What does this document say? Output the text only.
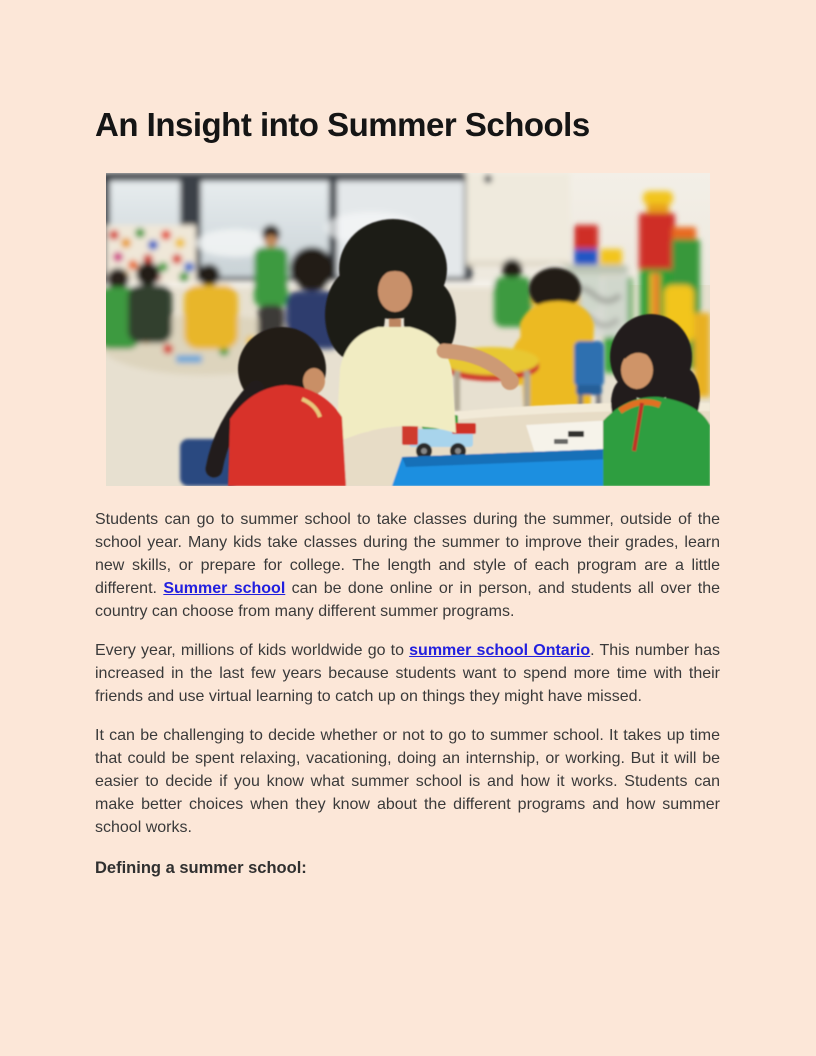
An Insight into Summer Schools

Students can go to summer school to take classes during the summer, outside of the school year. Many kids take classes during the summer to improve their grades, learn new skills, or prepare for college. The length and style of each program are a little different. Summer school can be done online or in person, and students all over the country can choose from many different summer programs.

Every year, millions of kids worldwide go to summer school Ontario. This number has increased in the last few years because students want to spend more time with their friends and use virtual learning to catch up on things they might have missed.

It can be challenging to decide whether or not to go to summer school. It takes up time that could be spent relaxing, vacationing, doing an internship, or working. But it will be easier to decide if you know what summer school is and how it works. Students can make better choices when they know about the different programs and how summer school works.

Defining a summer school:
